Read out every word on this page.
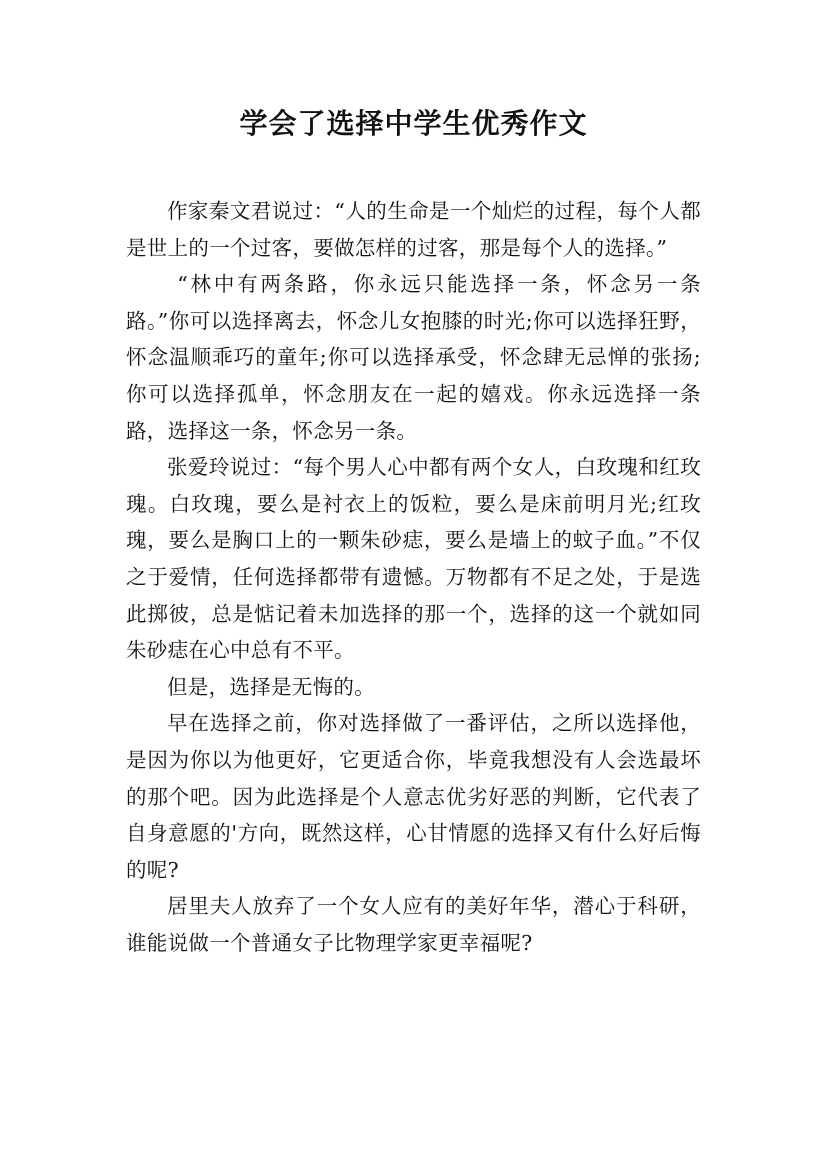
学会了选择中学生优秀作文

作家秦文君说过：“人的生命是一个灿烂的过程，每个人都是世上的一个过客，要做怎样的过客，那是每个人的选择。”

“林中有两条路，你永远只能选择一条，怀念另一条路。”你可以选择离去，怀念儿女抱膝的时光;你可以选择狂野，怀念温顺乖巧的童年;你可以选择承受，怀念肆无忌惮的张扬;你可以选择孤单，怀念朋友在一起的嬉戏。你永远选择一条路，选择这一条，怀念另一条。

张爱玲说过：“每个男人心中都有两个女人，白玫瑰和红玫瑰。白玫瑰，要么是衬衣上的饭粒，要么是床前明月光;红玫瑰，要么是胸口上的一颗朱砂痣，要么是墙上的蚊子血。”不仅之于爱情，任何选择都带有遗憾。万物都有不足之处，于是选此掷彼，总是惦记着未加选择的那一个，选择的这一个就如同朱砂痣在心中总有不平。

但是，选择是无悔的。

早在选择之前，你对选择做了一番评估，之所以选择他，是因为你以为他更好，它更适合你，毕竟我想没有人会选最坏的那个吧。因为此选择是个人意志优劣好恶的判断，它代表了自身意愿的'方向，既然这样，心甘情愿的选择又有什么好后悔的呢?

居里夫人放弃了一个女人应有的美好年华，潜心于科研，谁能说做一个普通女子比物理学家更幸福呢?
